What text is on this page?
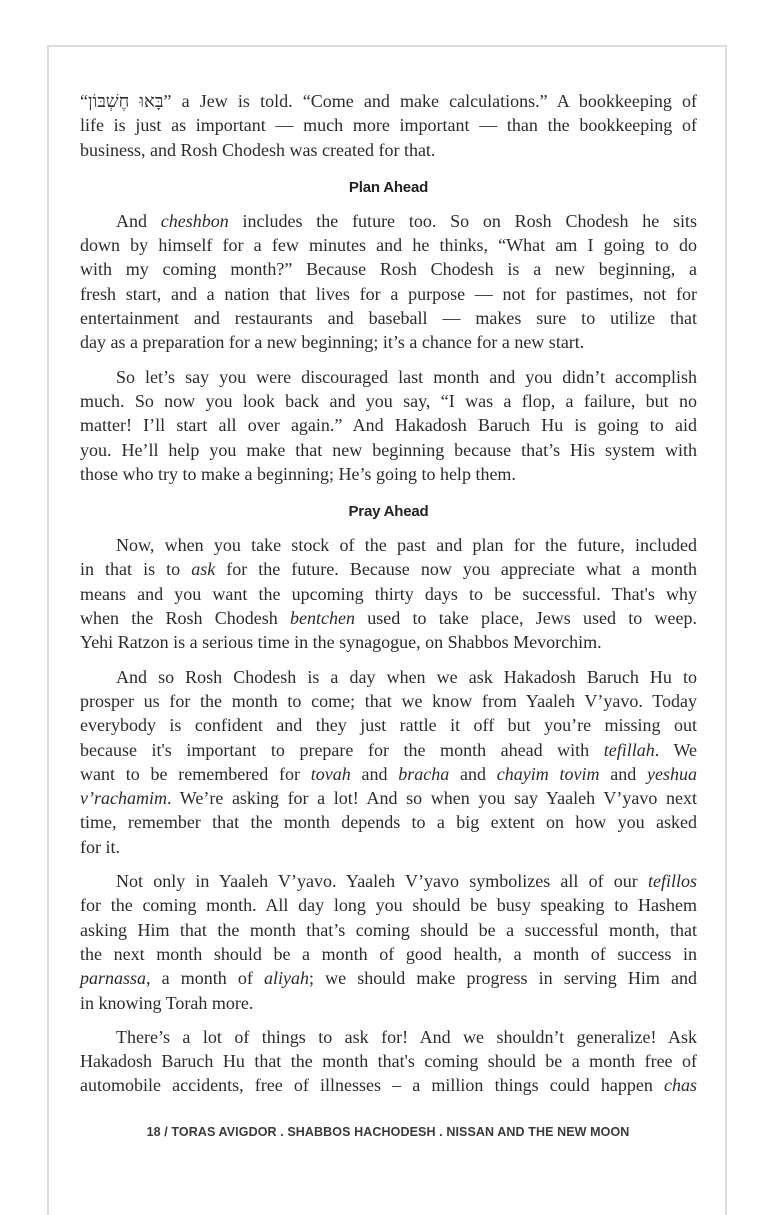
“בָּאוּ חֶשְׁבּוֹן” a Jew is told. “Come and make calculations.” A bookkeeping of
life is just as important — much more important — than the bookkeeping of
business, and Rosh Chodesh was created for that.
Plan Ahead
And cheshbon includes the future too. So on Rosh Chodesh he sits
down by himself for a few minutes and he thinks, “What am I going to do
with my coming month?” Because Rosh Chodesh is a new beginning, a
fresh start, and a nation that lives for a purpose — not for pastimes, not for
entertainment and restaurants and baseball — makes sure to utilize that
day as a preparation for a new beginning; it’s a chance for a new start.
So let’s say you were discouraged last month and you didn’t accomplish
much. So now you look back and you say, “I was a flop, a failure, but no
matter! I’ll start all over again.” And Hakadosh Baruch Hu is going to aid
you. He’ll help you make that new beginning because that’s His system with
those who try to make a beginning; He’s going to help them.
Pray Ahead
Now, when you take stock of the past and plan for the future, included
in that is to ask for the future. Because now you appreciate what a month
means and you want the upcoming thirty days to be successful. That's why
when the Rosh Chodesh bentchen used to take place, Jews used to weep.
Yehi Ratzon is a serious time in the synagogue, on Shabbos Mevorchim.
And so Rosh Chodesh is a day when we ask Hakadosh Baruch Hu to
prosper us for the month to come; that we know from Yaaleh V’yavo. Today
everybody is confident and they just rattle it off but you’re missing out
because it's important to prepare for the month ahead with tefillah. We
want to be remembered for tovah and bracha and chayim tovim and yeshua
v’rachamim. We’re asking for a lot! And so when you say Yaaleh V’yavo next
time, remember that the month depends to a big extent on how you asked
for it.
Not only in Yaaleh V’yavo. Yaaleh V’yavo symbolizes all of our tefillos
for the coming month. All day long you should be busy speaking to Hashem
asking Him that the month that’s coming should be a successful month, that
the next month should be a month of good health, a month of success in
parnassa, a month of aliyah; we should make progress in serving Him and
in knowing Torah more.
There’s a lot of things to ask for! And we shouldn’t generalize! Ask
Hakadosh Baruch Hu that the month that's coming should be a month free of
automobile accidents, free of illnesses – a million things could happen chas
18 / TORAS AVIGDOR . SHABBOS HACHODESH . NISSAN AND THE NEW MOON
